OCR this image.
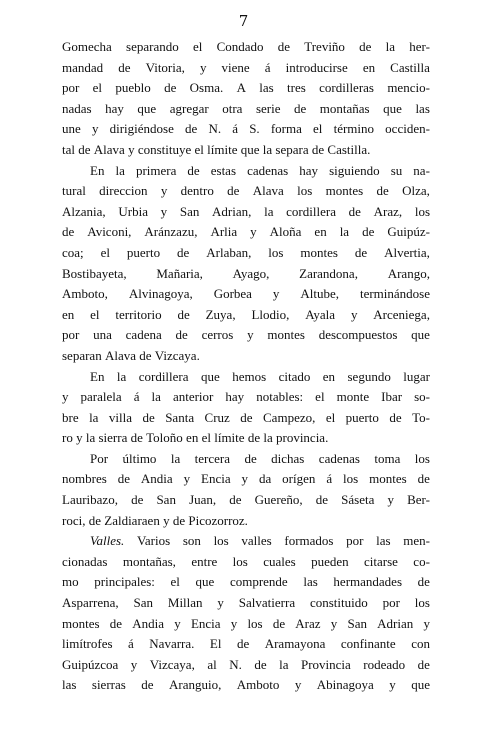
7
Gomecha separando el Condado de Treviño de la her-
mandad de Vitoria, y viene á introducirse en Castilla
por el pueblo de Osma. A las tres cordilleras mencio-
nadas hay que agregar otra serie de montañas que las
une y dirigiéndose de N. á S. forma el término occiden-
tal
de
Alava
y
constituye
el
límite
que
la
separa
de
Castilla.
En la primera de estas cadenas hay siguiendo su na-
tural direccion y dentro de Alava los montes de Olza,
Alzania, Urbia y San Adrian, la cordillera de Araz, los
de Aviconi, Aránzazu, Arlia y Aloña en la de Guipúz-
coa; el puerto de Arlaban, los montes de Alvertia,
Bostibayeta, Mañaria, Ayago, Zarandona, Arango,
Amboto, Alvinagoya, Gorbea y Altube, terminándose
en el territorio de Zuya, Llodio, Ayala y Arceniega,
por una cadena de cerros y montes descompuestos que
separan
Alava
de
Vizcaya.
En la cordillera que hemos citado en segundo lugar
y paralela á la anterior hay notables: el monte Ibar so-
bre la villa de Santa Cruz de Campezo, el puerto de To-
ro
y
la
sierra
de
Toloño
en
el
límite
de
la
provincia.
Por último la tercera de dichas cadenas toma los
nombres de Andia y Encia y da orígen á los montes de
Lauribazo, de San Juan, de Guereño, de Sáseta y Ber-
roci,
de
Zaldiaraen
y
de
Picozorroz.
Valles. Varios son los valles formados por las men-
cionadas montañas, entre los cuales pueden citarse co-
mo principales: el que comprende las hermandades de
Asparrena, San Millan y Salvatierra constituido por los
montes de Andia y Encia y los de Araz y San Adrian y
limítrofes á Navarra. El de Aramayona confinante con
Guipúzcoa y Vizcaya, al N. de la Provincia rodeado de
las sierras de Aranguio, Amboto y Abinagoya y que
